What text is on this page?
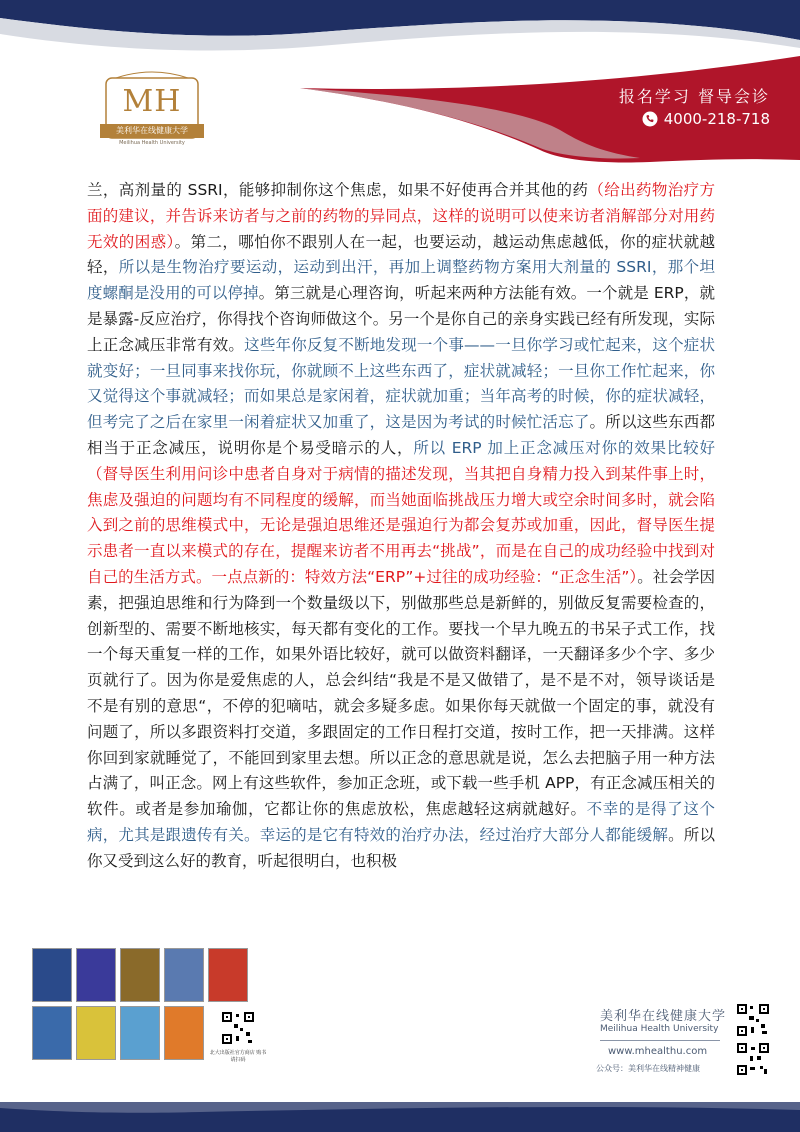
MH
美利华在线健康大学
Meilihua Health University
报名学习 督导会诊
4000-218-718

兰，高剂量的 SSRI，能够抑制你这个焦虑，如果不好使再合并其他的药（给出药物治疗方面的建议，并告诉来访者与之前的药物的异同点，这样的说明可以使来访者消解部分对用药无效的困惑）。第二，哪怕你不跟别人在一起，也要运动，越运动焦虑越低，你的症状就越轻，所以是生物治疗要运动，运动到出汗，再加上调整药物方案用大剂量的 SSRI，那个坦度螺酮是没用的可以停掉。第三就是心理咨询，听起来两种方法能有效。一个就是 ERP，就是暴露-反应治疗，你得找个咨询师做这个。另一个是你自己的亲身实践已经有所发现，实际上正念减压非常有效。这些年你反复不断地发现一个事——一旦你学习或忙起来，这个症状就变好；一旦同事来找你玩，你就顾不上这些东西了，症状就减轻；一旦你工作忙起来，你又觉得这个事就减轻；而如果总是家闲着，症状就加重；当年高考的时候，你的症状减轻，但考完了之后在家里一闲着症状又加重了，这是因为考试的时候忙活忘了。所以这些东西都相当于正念减压，说明你是个易受暗示的人，所以 ERP 加上正念减压对你的效果比较好（督导医生利用问诊中患者自身对于病情的描述发现，当其把自身精力投入到某件事上时，焦虑及强迫的问题均有不同程度的缓解，而当她面临挑战压力增大或空余时间多时，就会陷入到之前的思维模式中，无论是强迫思维还是强迫行为都会复苏或加重，因此，督导医生提示患者一直以来模式的存在，提醒来访者不用再去“挑战”，而是在自己的成功经验中找到对自己的生活方式。一点点新的：特效方法“ERP”+过往的成功经验：“正念生活”）。社会学因素，把强迫思维和行为降到一个数量级以下，别做那些总是新鲜的，别做反复需要检查的，创新型的、需要不断地核实，每天都有变化的工作。要找一个早九晚五的书呆子式工作，找一个每天重复一样的工作，如果外语比较好，就可以做资料翻译，一天翻译多少个字、多少页就行了。因为你是爱焦虑的人，总会纠结“我是不是又做错了，是不是不对，领导谈话是不是有别的意思“，不停的犯嘀咕，就会多疑多虑。如果你每天就做一个固定的事，就没有问题了，所以多跟资料打交道，多跟固定的工作日程打交道，按时工作，把一天排满。这样你回到家就睡觉了，不能回到家里去想。所以正念的意思就是说，怎么去把脑子用一种方法占满了，叫正念。网上有这些软件，参加正念班，或下载一些手机 APP，有正念减压相关的软件。或者是参加瑜伽，它都让你的焦虑放松，焦虑越轻这病就越好。不幸的是得了这个病，尤其是跟遗传有关。幸运的是它有特效的治疗办法，经过治疗大部分人都能缓解。所以你又受到这么好的教育，听起很明白，也积极

北大出版社官方商店 购书请扫码
美利华在线健康大学
Meilihua Health University
www.mhealthu.com
公众号：美利华在线精神健康
